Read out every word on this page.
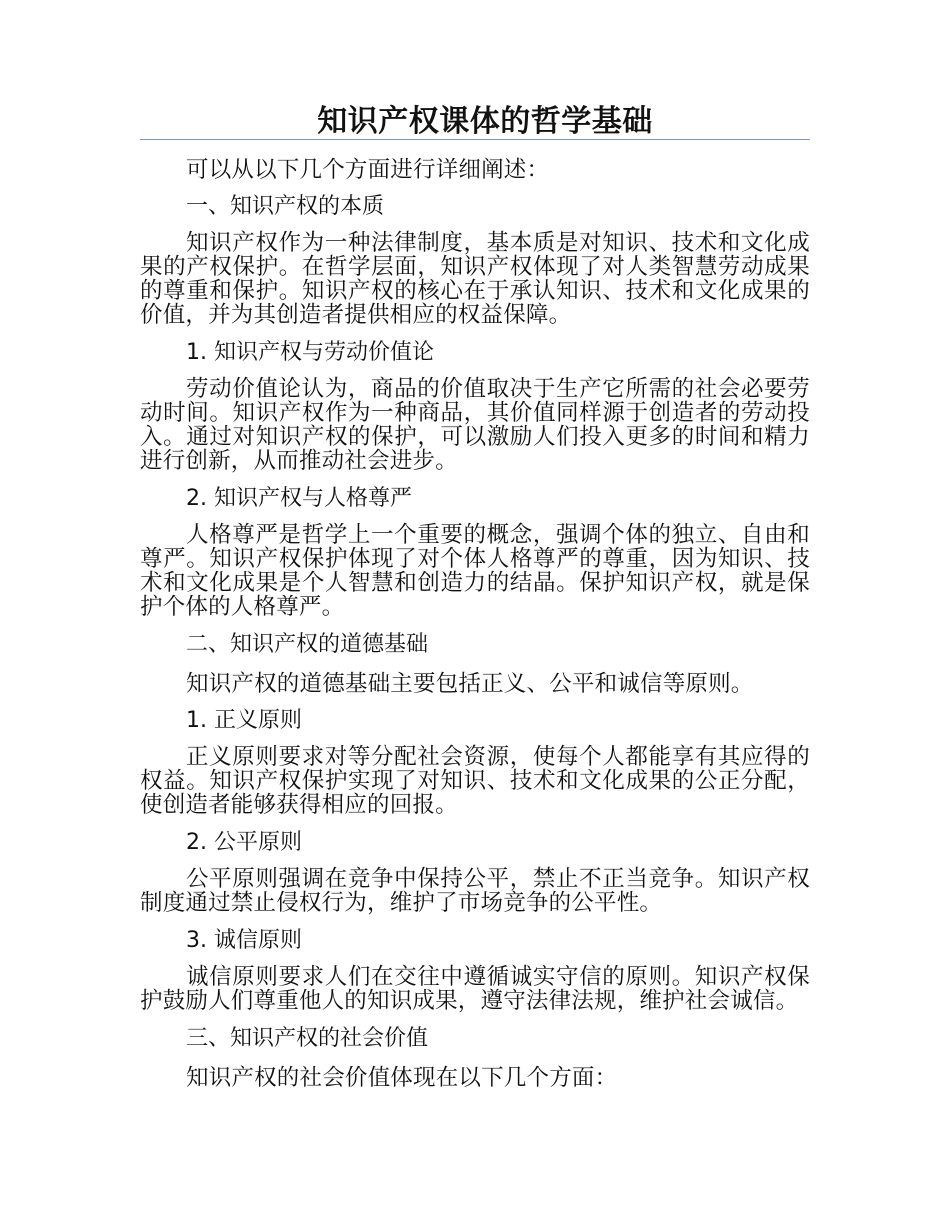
知识产权课体的哲学基础

可以从以下几个方面进行详细阐述：

一、知识产权的本质

知识产权作为一种法律制度，基本质是对知识、技术和文化成果的产权保护。在哲学层面，知识产权体现了对人类智慧劳动成果的尊重和保护。知识产权的核心在于承认知识、技术和文化成果的价值，并为其创造者提供相应的权益保障。

1. 知识产权与劳动价值论

劳动价值论认为，商品的价值取决于生产它所需的社会必要劳动时间。知识产权作为一种商品，其价值同样源于创造者的劳动投入。通过对知识产权的保护，可以激励人们投入更多的时间和精力进行创新，从而推动社会进步。

2. 知识产权与人格尊严

人格尊严是哲学上一个重要的概念，强调个体的独立、自由和尊严。知识产权保护体现了对个体人格尊严的尊重，因为知识、技术和文化成果是个人智慧和创造力的结晶。保护知识产权，就是保护个体的人格尊严。

二、知识产权的道德基础

知识产权的道德基础主要包括正义、公平和诚信等原则。

1. 正义原则

正义原则要求对等分配社会资源，使每个人都能享有其应得的权益。知识产权保护实现了对知识、技术和文化成果的公正分配，使创造者能够获得相应的回报。

2. 公平原则

公平原则强调在竞争中保持公平，禁止不正当竞争。知识产权制度通过禁止侵权行为，维护了市场竞争的公平性。

3. 诚信原则

诚信原则要求人们在交往中遵循诚实守信的原则。知识产权保护鼓励人们尊重他人的知识成果，遵守法律法规，维护社会诚信。

三、知识产权的社会价值

知识产权的社会价值体现在以下几个方面：
